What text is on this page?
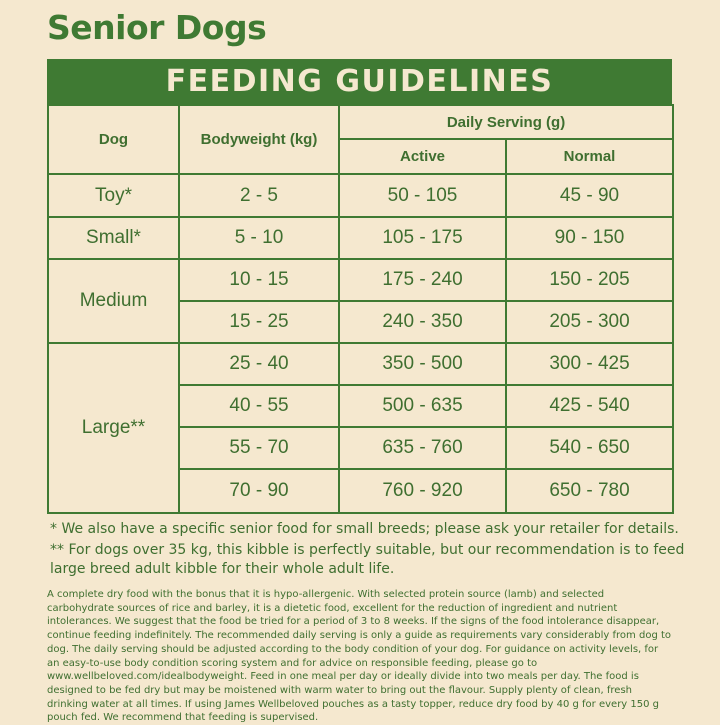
Senior Dogs
FEEDING GUIDELINES
Dog	Bodyweight (kg)	Daily Serving (g)	
		Active	Normal
Toy*	2 - 5	50 - 105	45 - 90
Small*	5 - 10	105 - 175	90 - 150
Medium	10 - 15	175 - 240	150 - 205
	15 - 25	240 - 350	205 - 300
Large**	25 - 40	350 - 500	300 - 425
	40 - 55	500 - 635	425 - 540
	55 - 70	635 - 760	540 - 650
	70 - 90	760 - 920	650 - 780
* We also have a specific senior food for small breeds; please ask your retailer for details.
** For dogs over 35 kg, this kibble is perfectly suitable, but our recommendation is to feed large breed adult kibble for their whole adult life.
A complete dry food with the bonus that it is hypo-allergenic. With selected protein source (lamb) and selected carbohydrate sources of rice and barley, it is a dietetic food, excellent for the reduction of ingredient and nutrient intolerances. We suggest that the food be tried for a period of 3 to 8 weeks. If the signs of the food intolerance disappear, continue feeding indefinitely. The recommended daily serving is only a guide as requirements vary considerably from dog to dog. The daily serving should be adjusted according to the body condition of your dog. For guidance on activity levels, for an easy-to-use body condition scoring system and for advice on responsible feeding, please go to www.wellbeloved.com/idealbodyweight. Feed in one meal per day or ideally divide into two meals per day. The food is designed to be fed dry but may be moistened with warm water to bring out the flavour. Supply plenty of clean, fresh drinking water at all times. If using James Wellbeloved pouches as a tasty topper, reduce dry food by 40 g for every 150 g pouch fed. We recommend that feeding is supervised.
